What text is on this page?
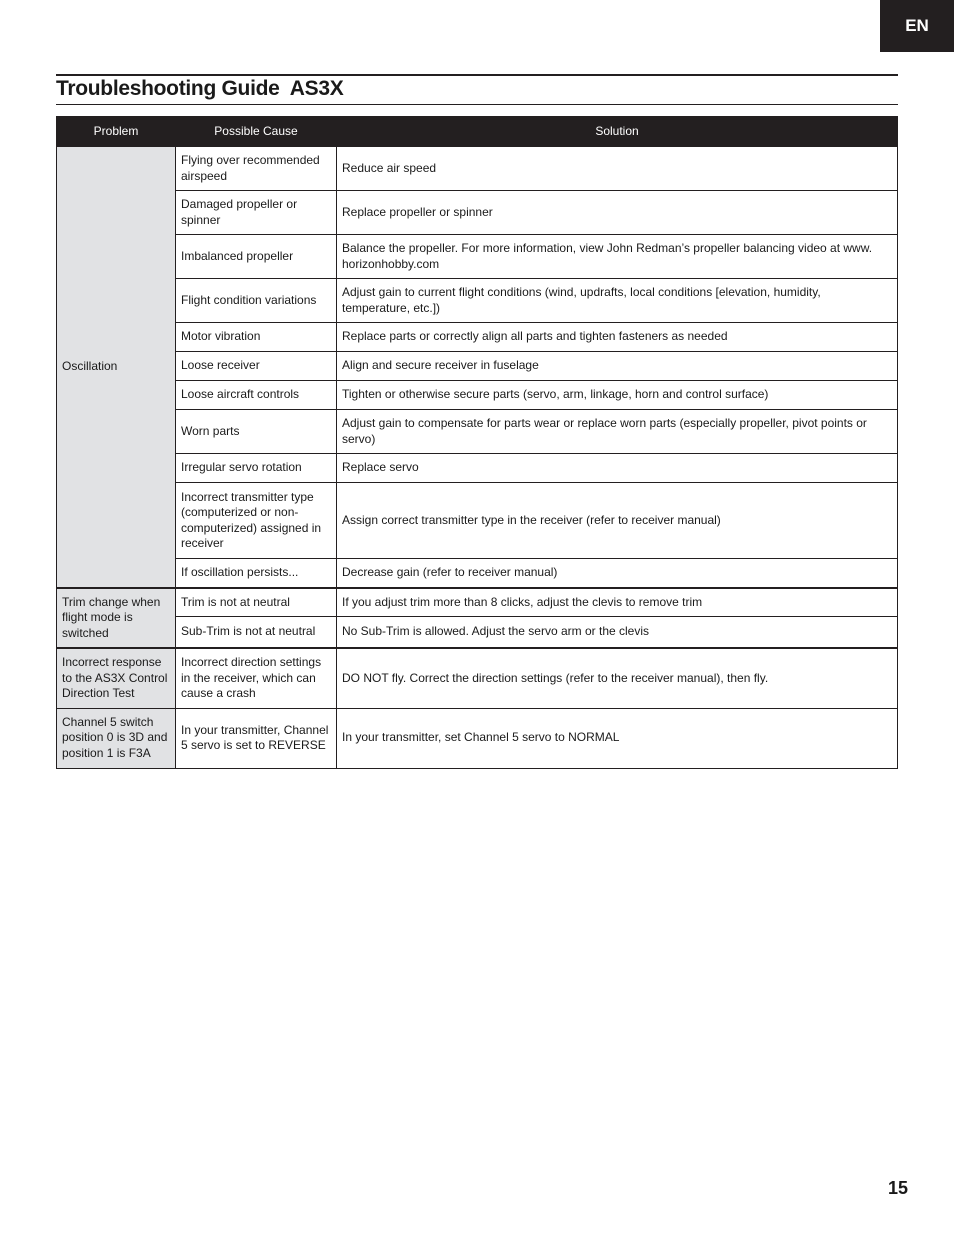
EN
Troubleshooting Guide  AS3X
Problem	Possible Cause	Solution
Oscillation	Flying over recommended airspeed	Reduce air speed
	Damaged propeller or spinner	Replace propeller or spinner
	Imbalanced propeller	Balance the propeller. For more information, view John Redman’s propeller balancing video at www. horizonhobby.com
	Flight condition variations	Adjust gain to current flight conditions (wind, updrafts, local conditions [elevation, humidity, temperature, etc.])
	Motor vibration	Replace parts or correctly align all parts and tighten fasteners as needed
	Loose receiver	Align and secure receiver in fuselage
	Loose aircraft controls	Tighten or otherwise secure parts (servo, arm, linkage, horn and control surface)
	Worn parts	Adjust gain to compensate for parts wear or replace worn parts (especially propeller, pivot points or servo)
	Irregular servo rotation	Replace servo
	Incorrect transmitter type (computerized or non-computerized) assigned in receiver	Assign correct transmitter type in the receiver (refer to receiver manual)
	If oscillation persists...	Decrease gain (refer to receiver manual)
Trim change when flight mode is switched	Trim is not at neutral	If you adjust trim more than 8 clicks, adjust the clevis to remove trim
	Sub-Trim is not at neutral	No Sub-Trim is allowed. Adjust the servo arm or the clevis
Incorrect response to the AS3X Control Direction Test	Incorrect direction settings in the receiver, which can cause a crash	DO NOT fly. Correct the direction settings (refer to the receiver manual), then fly.
Channel 5 switch position 0 is 3D and position 1 is F3A	In your transmitter, Channel 5 servo is set to REVERSE	In your transmitter, set Channel 5 servo to NORMAL
15
